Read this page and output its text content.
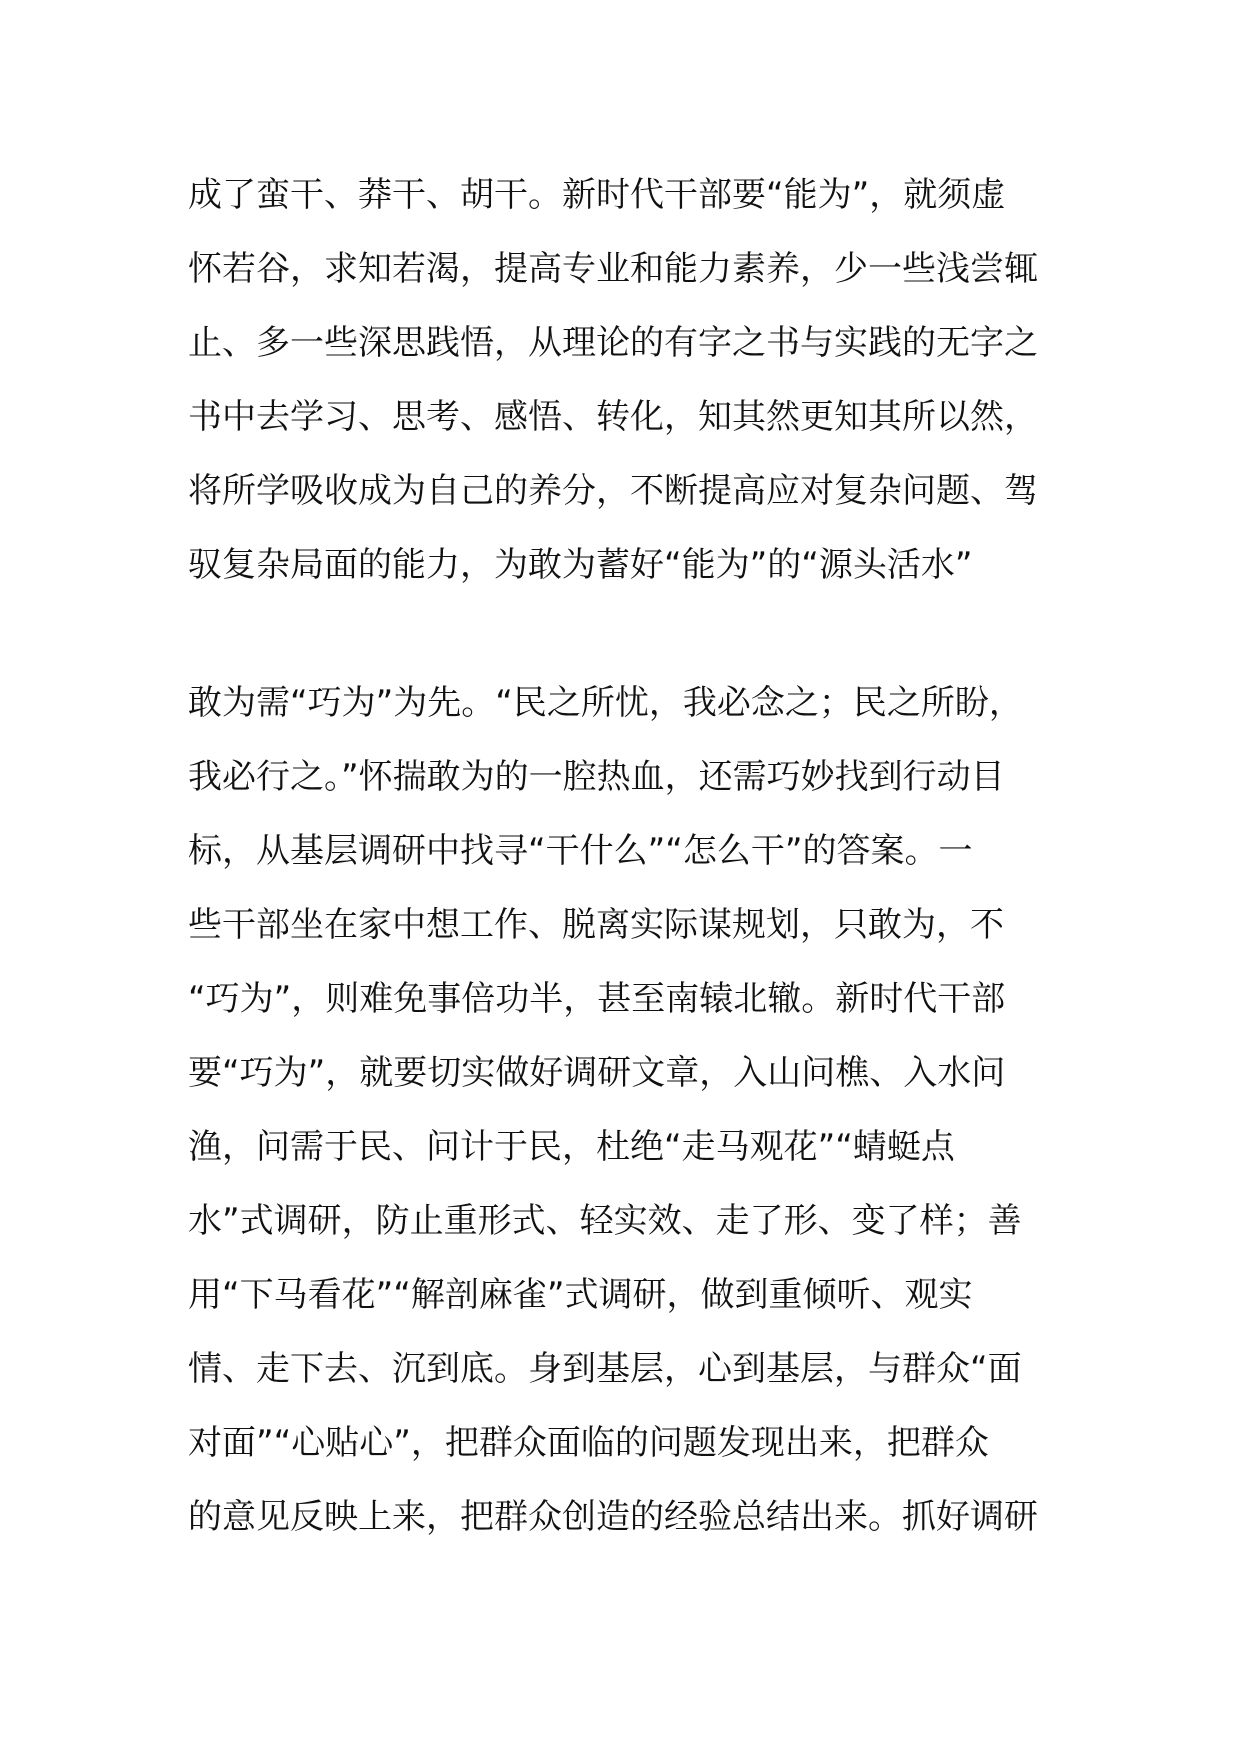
成了蛮干、莽干、胡干。新时代干部要“能为”，就须虚
怀若谷，求知若渴，提高专业和能力素养，少一些浅尝辄
止、多一些深思践悟，从理论的有字之书与实践的无字之
书中去学习、思考、感悟、转化，知其然更知其所以然，
将所学吸收成为自己的养分，不断提高应对复杂问题、驾
驭复杂局面的能力，为敢为蓄好“能为”的“源头活水”
敢为需“巧为”为先。“民之所忧，我必念之；民之所盼，
我必行之。”怀揣敢为的一腔热血，还需巧妙找到行动目
标，从基层调研中找寻“干什么”“怎么干”的答案。一
些干部坐在家中想工作、脱离实际谋规划，只敢为，不
“巧为”，则难免事倍功半，甚至南辕北辙。新时代干部
要“巧为”，就要切实做好调研文章，入山问樵、入水问
渔，问需于民、问计于民，杜绝“走马观花”“蜻蜓点
水”式调研，防止重形式、轻实效、走了形、变了样；善
用“下马看花”“解剖麻雀”式调研，做到重倾听、观实
情、走下去、沉到底。身到基层，心到基层，与群众“面
对面”“心贴心”，把群众面临的问题发现出来，把群众
的意见反映上来，把群众创造的经验总结出来。抓好调研
